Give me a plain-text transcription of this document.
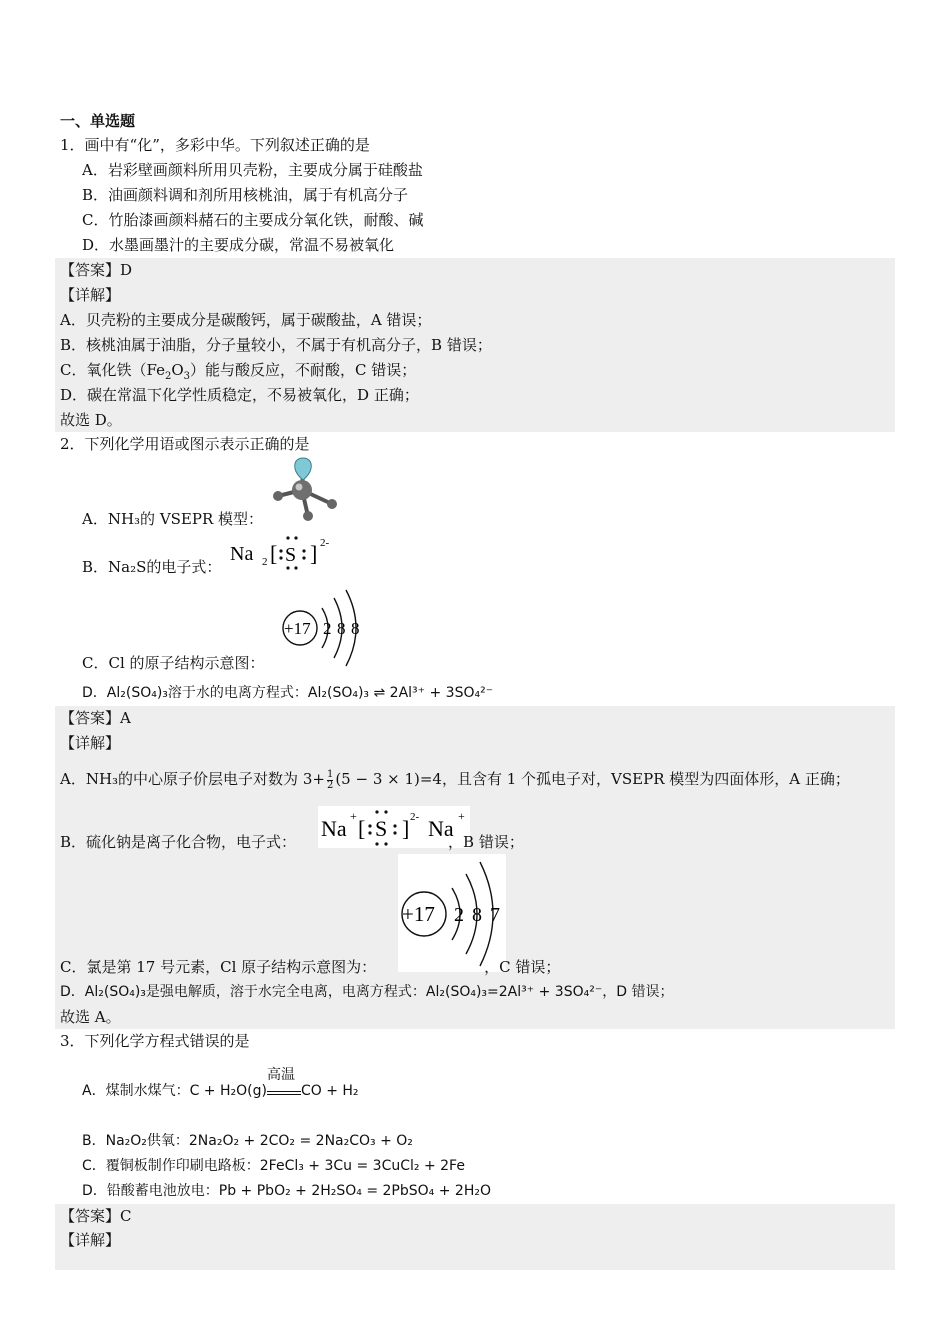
一、单选题
1．画中有“化”，多彩中华。下列叙述正确的是
A．岩彩壁画颜料所用贝壳粉，主要成分属于硅酸盐
B．油画颜料调和剂所用核桃油，属于有机高分子
C．竹胎漆画颜料赭石的主要成分氧化铁，耐酸、碱
D．水墨画墨汁的主要成分碳，常温不易被氧化
【答案】D
【详解】
A．贝壳粉的主要成分是碳酸钙，属于碳酸盐，A 错误；
B．核桃油属于油脂，分子量较小，不属于有机高分子，B 错误；
C．氧化铁$(Fe_2O_3)$能与酸反应，不耐酸，C 错误；
D．碳在常温下化学性质稳定，不易被氧化，D 正确；
故选 D。
2．下列化学用语或图示表示正确的是
A．NH₃的 VSEPR 模型：
Na 2 [ S ] 2-
B．Na₂S的电子式：
+17 2 8 8
C．Cl 的原子结构示意图：
D．Al₂(SO₄)₃溶于水的电离方程式：Al₂(SO₄)₃ ⇌ 2Al³⁺ + 3SO₄²⁻
【答案】A
【详解】
A．NH₃的中心原子价层电子对数为 $3+ \frac{1}{2} (5 - 3 \times 1)=4$，且含有 1 个孤电子对，VSEPR 模型为四面体形，A 正确；
Na + [ S ] 2- Na +
B．硫化钠是离子化合物，电子式：	，B 错误；
+17 2 8 7
C．氯是第 17 号元素，Cl 原子结构示意图为：	，C 错误；
D．Al₂(SO₄)₃是强电解质，溶于水完全电离，电离方程式：Al₂(SO₄)₃=2Al³⁺ + 3SO₄²⁻，D 错误；
故选 A。
3．下列化学方程式错误的是
A．煤制水煤气：C + H₂O(g)
高温
CO + H₂
B．Na₂O₂供氧：2Na₂O₂ + 2CO₂ = 2Na₂CO₃ + O₂
C．覆铜板制作印刷电路板：2FeCl₃ + 3Cu = 3CuCl₂ + 2Fe
D．铅酸蓄电池放电：Pb + PbO₂ + 2H₂SO₄ = 2PbSO₄ + 2H₂O
【答案】C
【详解】
